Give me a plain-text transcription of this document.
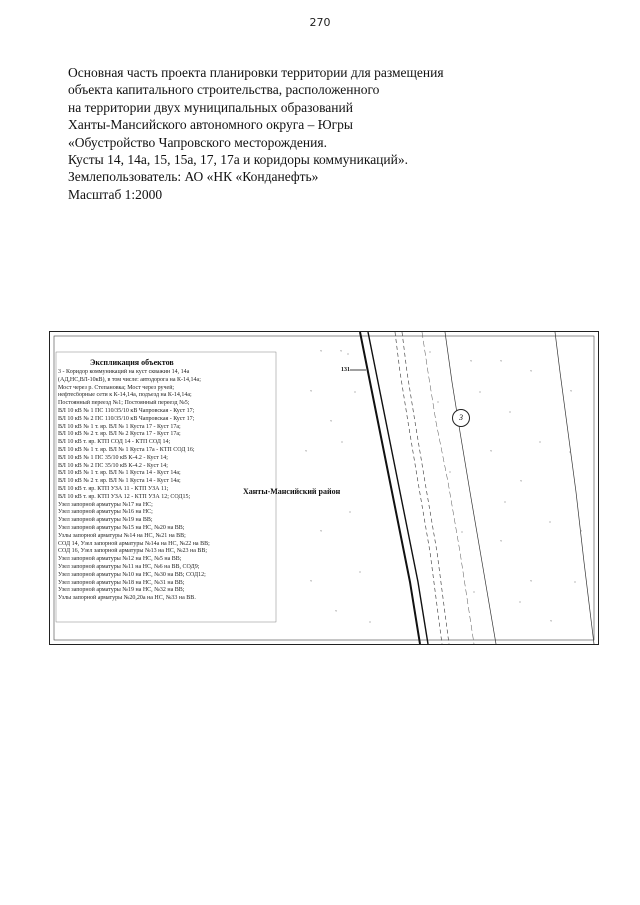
270
Основная часть проекта планировки территории для размещения
объекта капитального строительства, расположенного
на территории двух муниципальных образований
Ханты-Мансийского автономного округа – Югры
«Обустройство Чапровского месторождения.
Кусты 14, 14а, 15, 15а, 17, 17а и коридоры коммуникаций».
Землепользователь: АО «НК «Конданефть»
Масштаб 1:2000
≈	≈
≈
≈
≈
≈
≈
≈
≈	≈
≈
≈
≈
≈
≈
≈
≈
≈
Экспликация объектов
3 - Коридор коммуникаций на куст скважин 14, 14а
(АД,НС,ВЛ-10кВ), в том числе: автодорога на К-14,14а;
Мост через р. Степановка; Мост через ручей;
нефтесборные сети к К-14,14а, подъезд на К-14,14а;
Постоянный переезд №1; Постоянный переезд №5;
ВЛ 10 кВ № 1 ПС 110/35/10 кВ Чапровская - Куст 17;
ВЛ 10 кВ № 2 ПС 110/35/10 кВ Чапровская - Куст 17;
ВЛ 10 кВ № 1 т. яр. ВЛ № 1 Куста 17 - Куст 17а;
ВЛ 10 кВ № 2 т. яр. ВЛ № 2 Куста 17 - Куст 17а;
ВЛ 10 кВ т. яр. КТП СОД 14 - КТП СОД 14;
ВЛ 10 кВ № 1 т. яр. ВЛ № 1 Куста 17а - КТП СОД 16;
ВЛ 10 кВ № 1 ПС 35/10 кВ К-4.2 - Куст 14;
ВЛ 10 кВ № 2 ПС 35/10 кВ К-4.2 - Куст 14;
ВЛ 10 кВ № 1 т. яр. ВЛ № 1 Куста 14 - Куст 14а;
ВЛ 10 кВ № 2 т. яр. ВЛ № 1 Куста 14 - Куст 14а;
ВЛ 10 кВ т. яр. КТП УЗА 11 - КТП УЗА 11;
ВЛ 10 кВ т. яр. КТП УЗА 12 - КТП УЗА 12; СОД15;
Узел запорной арматуры №17 на НС;
Узел запорной арматуры №16 на НС;
Узел запорной арматуры №19 на ВВ;
Узел запорной арматуры №15 на НС, №20 на ВВ;
Узлы запорной арматуры №14 на НС, №21 на ВВ;
СОД 14, Узел запорной арматуры №14а на НС, №22 на ВВ;
СОД 16, Узел запорной арматуры №13 на НС, №23 на ВВ;
Узел запорной арматуры №12 на НС, №5 на ВВ;
Узел запорной арматуры №11 на НС, №6 на ВВ, СОД9;
Узел запорной арматуры №10 на НС, №30 на ВВ; СОД12;
Узел запорной арматуры №18 на НС, №31 на ВВ;
Узел запорной арматуры №19 на НС, №32 на ВВ;
Узлы запорной арматуры №20,20а на НС, №33 на ВВ.
Ханты-Мансийский район
3
131
